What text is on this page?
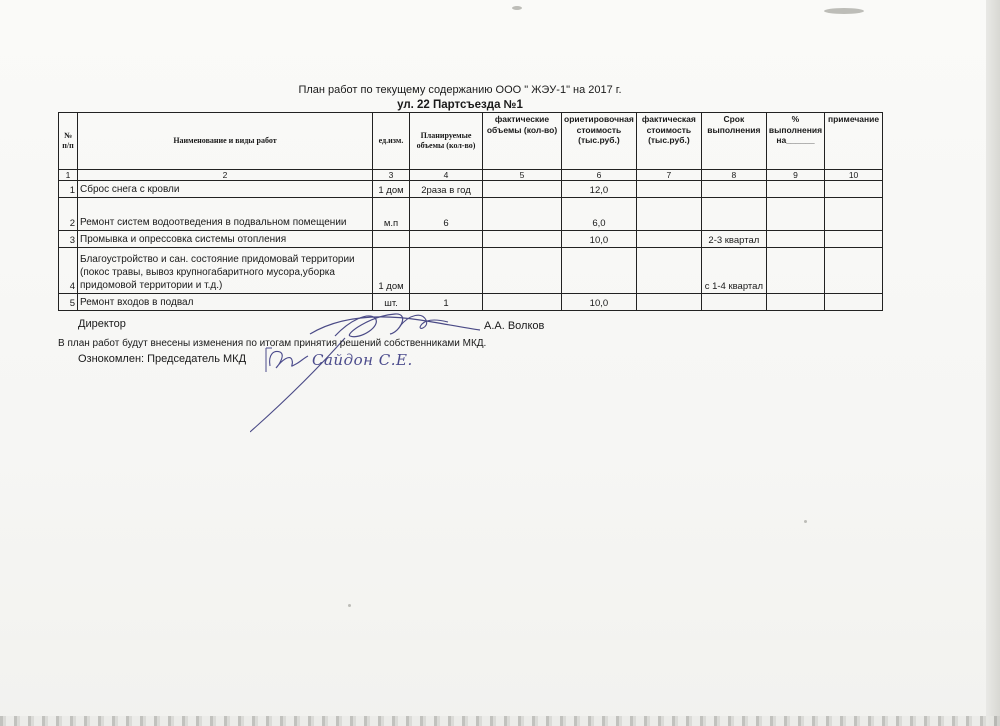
План работ по текущему содержанию ООО " ЖЭУ-1" на 2017 г.
ул. 22 Партсъезда №1
№ п/п	Наименование и виды работ	ед.изм.	Планируемые объемы (кол-во)	фактические объемы (кол-во)	ориетировочная стоимость (тыс.руб.)	фактическая стоимость (тыс.руб.)	Срок выполнения	% выполнения на______	примечание
1	2	3	4	5	6	7	8	9	10
1	Сброс снега с кровли	1 дом	2раза в год		12,0				
2	Ремонт систем водоотведения в подвальном помещении	м.п	6		6,0				
3	Промывка и опрессовка системы отопления				10,0		2-3 квартал		
4	Благоустройство и сан. состояние придомовай территории (покос травы, вывоз крупногабаритного мусора,уборка придомовой территории и т.д.)	1 дом					с 1-4 квартал		
5	Ремонт входов в подвал	шт.	1		10,0				
Директор	А.А. Волков
В план работ будут внесены изменения по итогам принятия решений собственниками МКД.
Ознокомлен: Председатель МКД	Сайдон С.Е.
